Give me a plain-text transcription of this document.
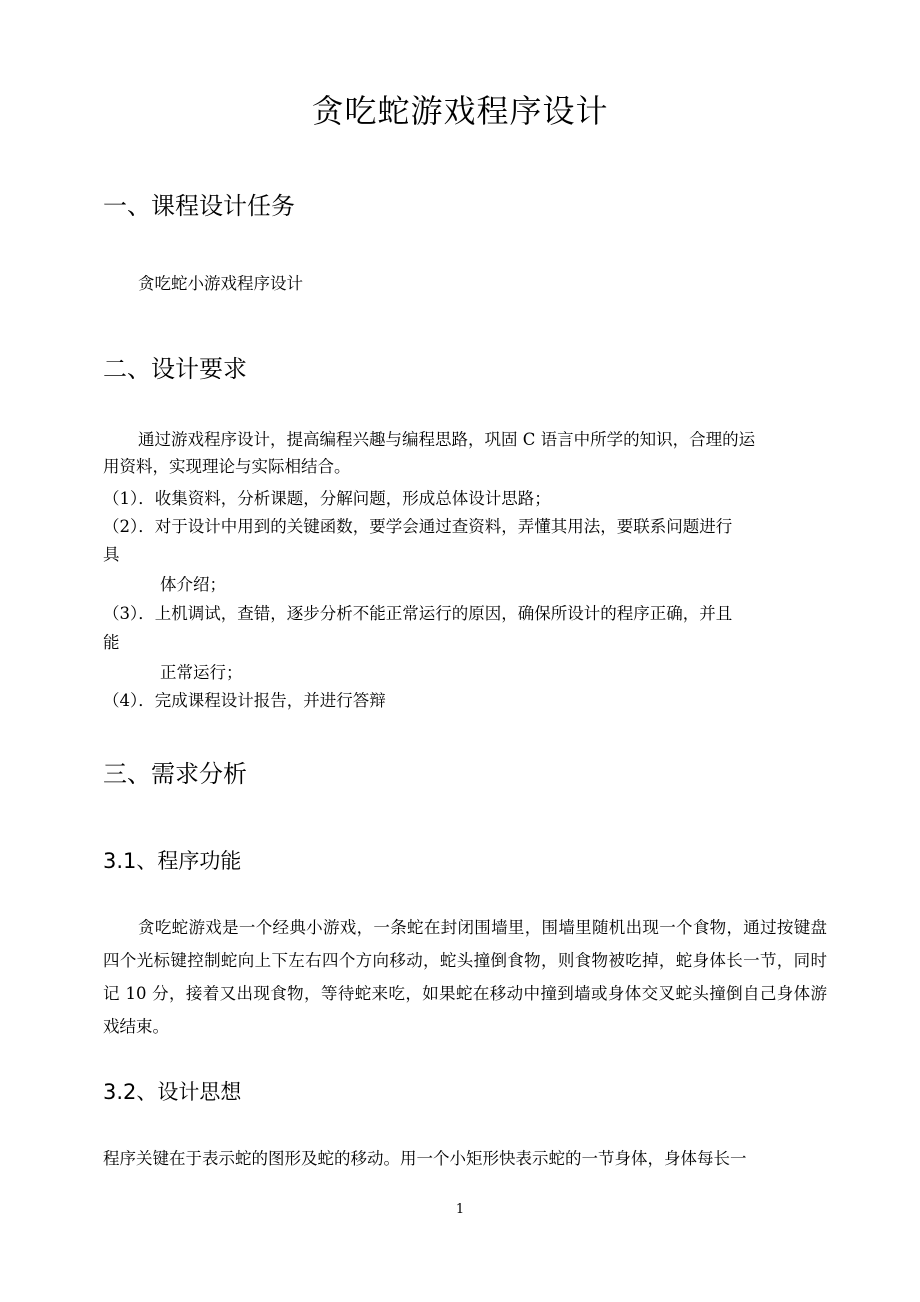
贪吃蛇游戏程序设计
一、课程设计任务
贪吃蛇小游戏程序设计
二、设计要求
通过游戏程序设计，提高编程兴趣与编程思路，巩固 C 语言中所学的知识，合理的运
用资料，实现理论与实际相结合。
（1）．收集资料，分析课题，分解问题，形成总体设计思路；
（2）．对于设计中用到的关键函数，要学会通过查资料，弄懂其用法，要联系问题进行
具
体介绍；
（3）．上机调试，查错，逐步分析不能正常运行的原因，确保所设计的程序正确，并且
能
正常运行；
（4）．完成课程设计报告，并进行答辩
三、需求分析
3.1、程序功能
贪吃蛇游戏是一个经典小游戏，一条蛇在封闭围墙里，围墙里随机出现一个食物，通过按键盘四个光标键控制蛇向上下左右四个方向移动，蛇头撞倒食物，则食物被吃掉，蛇身体长一节，同时记 10 分，接着又出现食物，等待蛇来吃，如果蛇在移动中撞到墙或身体交叉蛇头撞倒自己身体游戏结束。
3.2、设计思想
程序关键在于表示蛇的图形及蛇的移动。用一个小矩形快表示蛇的一节身体，身体每长一
1
